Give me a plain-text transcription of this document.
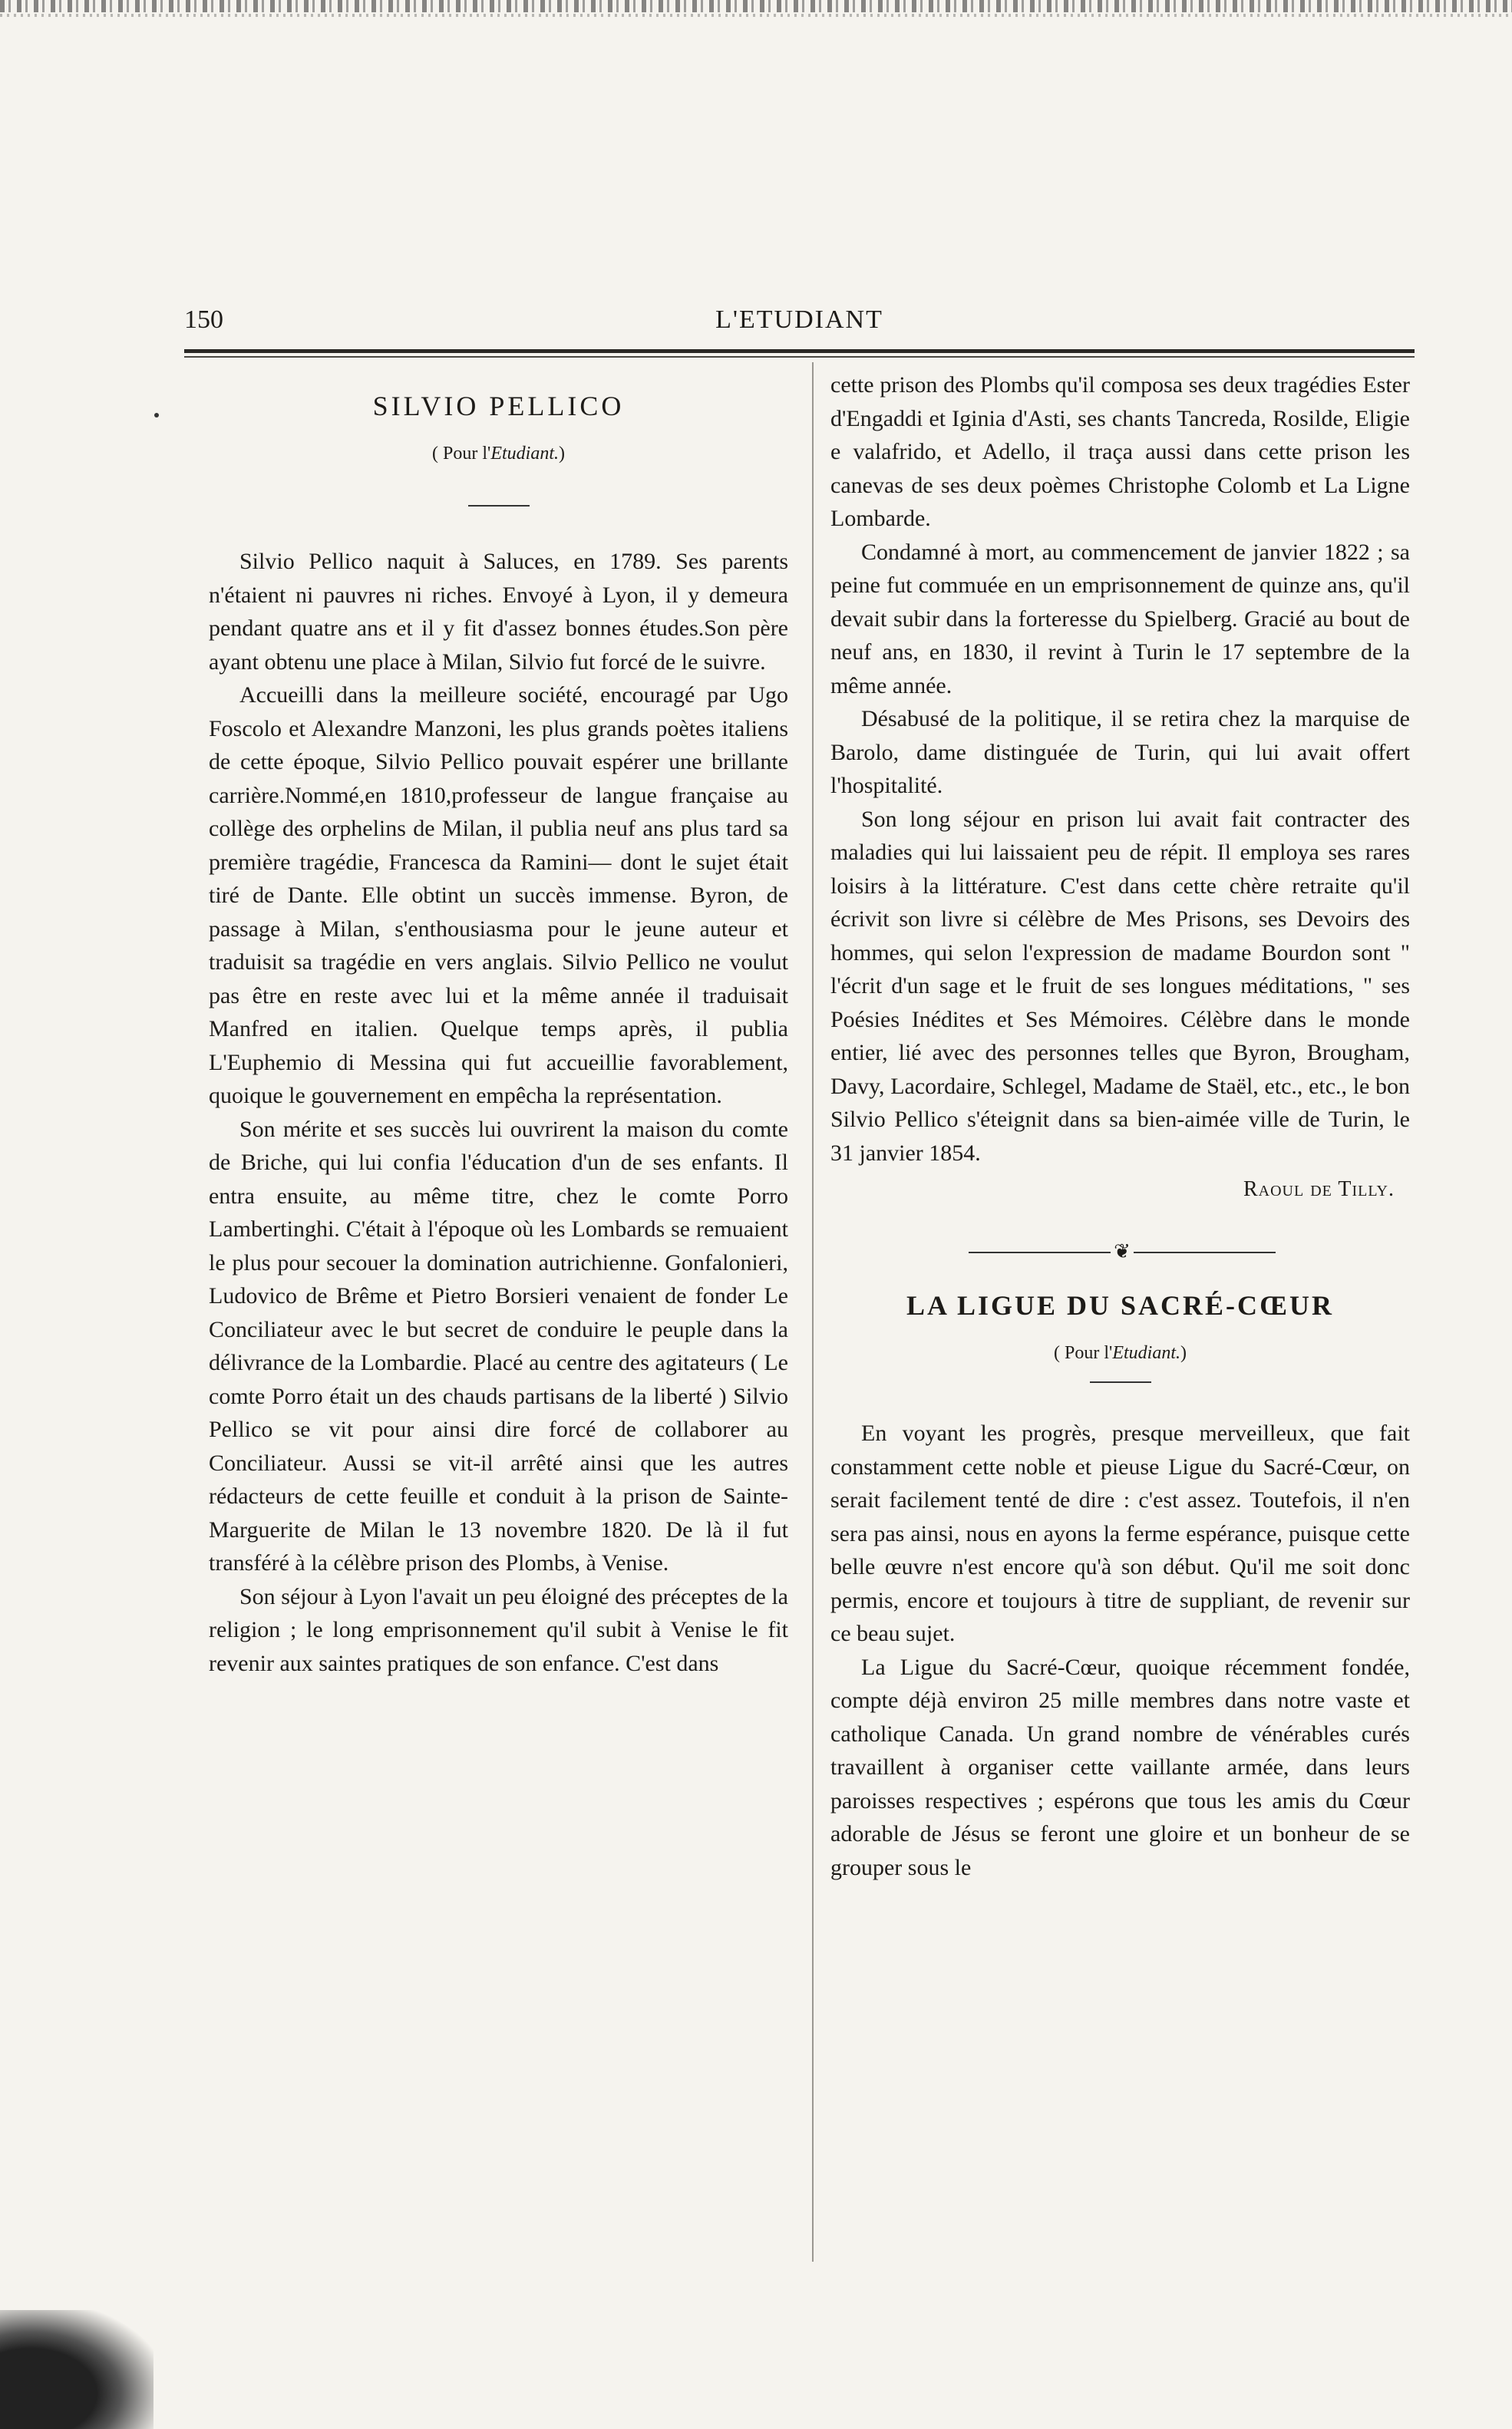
150	L'ETUDIANT
SILVIO PELLICO
( Pour l'Etudiant.)

Silvio Pellico naquit à Saluces, en 1789. Ses parents n'étaient ni pauvres ni riches. Envoyé à Lyon, il y demeura pendant quatre ans et il y fit d'assez bonnes études.Son père ayant obtenu une place à Milan, Silvio fut forcé de le suivre.

Accueilli dans la meilleure société, encouragé par Ugo Foscolo et Alexandre Manzoni, les plus grands poètes italiens de cette époque, Silvio Pellico pouvait espérer une brillante carrière.Nommé,en 1810,professeur de langue française au collège des orphelins de Milan, il publia neuf ans plus tard sa première tragédie, Francesca da Ramini— dont le sujet était tiré de Dante. Elle obtint un succès immense. Byron, de passage à Milan, s'enthousiasma pour le jeune auteur et traduisit sa tragédie en vers anglais. Silvio Pellico ne voulut pas être en reste avec lui et la même année il traduisait Manfred en italien. Quelque temps après, il publia L'Euphemio di Messina qui fut accueillie favorablement, quoique le gouvernement en empêcha la représentation.

Son mérite et ses succès lui ouvrirent la maison du comte de Briche, qui lui confia l'éducation d'un de ses enfants. Il entra ensuite, au même titre, chez le comte Porro Lambertinghi. C'était à l'époque où les Lombards se remuaient le plus pour secouer la domination autrichienne. Gonfalonieri, Ludovico de Brême et Pietro Borsieri venaient de fonder Le Conciliateur avec le but secret de conduire le peuple dans la délivrance de la Lombardie. Placé au centre des agitateurs ( Le comte Porro était un des chauds partisans de la liberté ) Silvio Pellico se vit pour ainsi dire forcé de collaborer au Conciliateur. Aussi se vit-il arrêté ainsi que les autres rédacteurs de cette feuille et conduit à la prison de Sainte-Marguerite de Milan le 13 novembre 1820. De là il fut transféré à la célèbre prison des Plombs, à Venise.

Son séjour à Lyon l'avait un peu éloigné des préceptes de la religion ; le long emprisonnement qu'il subit à Venise le fit revenir aux saintes pratiques de son enfance. C'est dans

cette prison des Plombs qu'il composa ses deux tragédies Ester d'Engaddi et Iginia d'Asti, ses chants Tancreda, Rosilde, Eligie e valafrido, et Adello, il traça aussi dans cette prison les canevas de ses deux poèmes Christophe Colomb et La Ligne Lombarde.

Condamné à mort, au commencement de janvier 1822 ; sa peine fut commuée en un emprisonnement de quinze ans, qu'il devait subir dans la forteresse du Spielberg. Gracié au bout de neuf ans, en 1830, il revint à Turin le 17 septembre de la même année.

Désabusé de la politique, il se retira chez la marquise de Barolo, dame distinguée de Turin, qui lui avait offert l'hospitalité.

Son long séjour en prison lui avait fait contracter des maladies qui lui laissaient peu de répit. Il employa ses rares loisirs à la littérature. C'est dans cette chère retraite qu'il écrivit son livre si célèbre de Mes Prisons, ses Devoirs des hommes, qui selon l'expression de madame Bourdon sont " l'écrit d'un sage et le fruit de ses longues méditations, " ses Poésies Inédites et Ses Mémoires. Célèbre dans le monde entier, lié avec des personnes telles que Byron, Brougham, Davy, Lacordaire, Schlegel, Madame de Staël, etc., etc., le bon Silvio Pellico s'éteignit dans sa bien-aimée ville de Turin, le 31 janvier 1854.

Raoul de Tilly.
❦
LA LIGUE DU SACRÉ-CŒUR
( Pour l'Etudiant.)

En voyant les progrès, presque merveilleux, que fait constamment cette noble et pieuse Ligue du Sacré-Cœur, on serait facilement tenté de dire : c'est assez. Toutefois, il n'en sera pas ainsi, nous en ayons la ferme espérance, puisque cette belle œuvre n'est encore qu'à son début. Qu'il me soit donc permis, encore et toujours à titre de suppliant, de revenir sur ce beau sujet.

La Ligue du Sacré-Cœur, quoique récemment fondée, compte déjà environ 25 mille membres dans notre vaste et catholique Canada. Un grand nombre de vénérables curés travaillent à organiser cette vaillante armée, dans leurs paroisses respectives ; espérons que tous les amis du Cœur adorable de Jésus se feront une gloire et un bonheur de se grouper sous le
